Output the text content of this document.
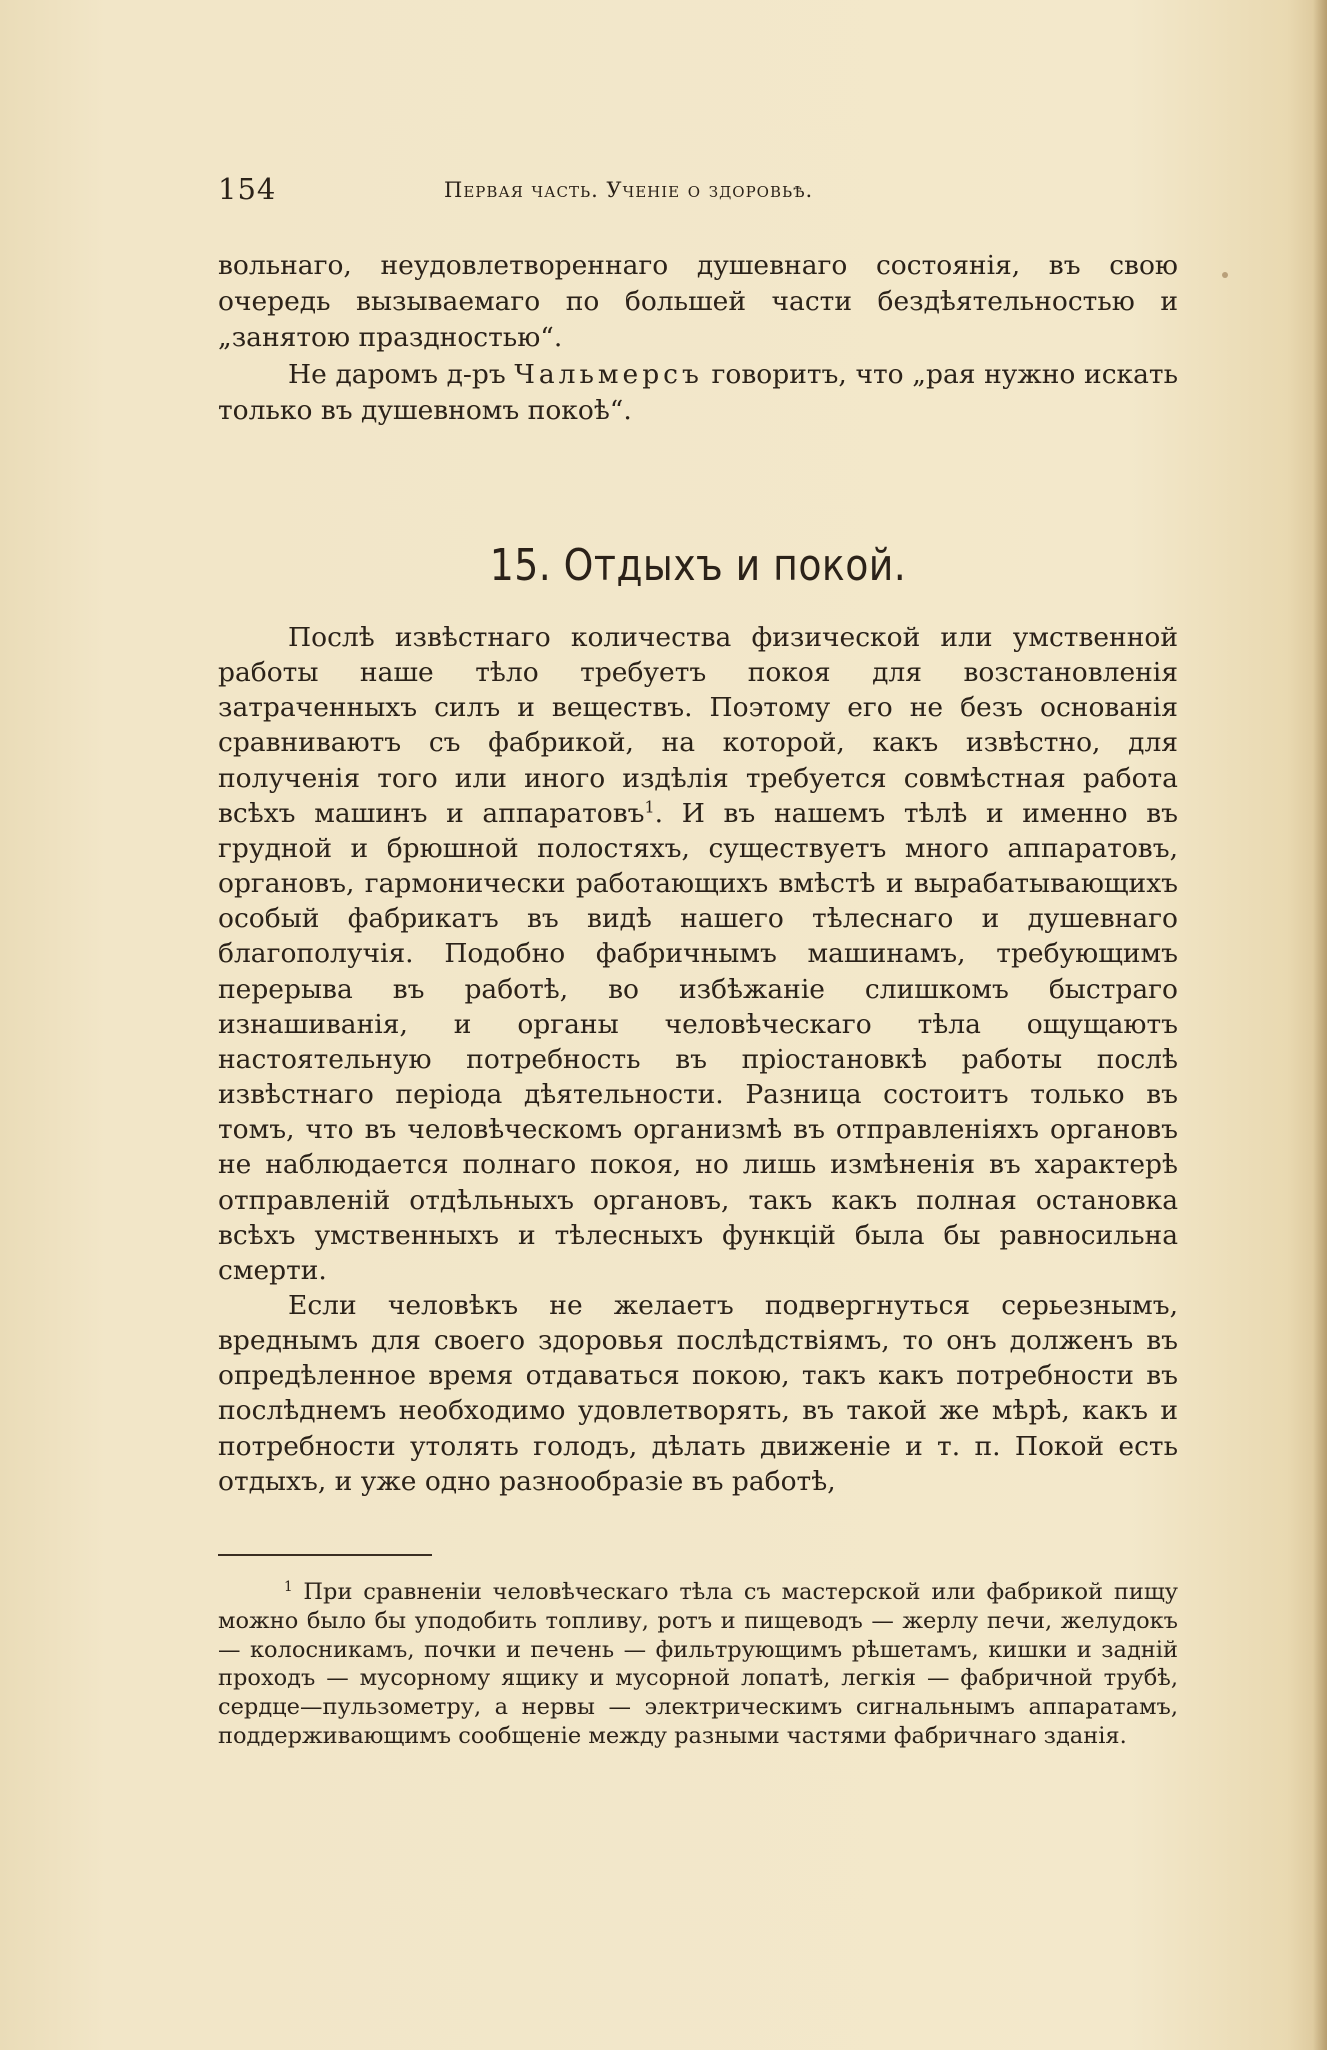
154	Первая часть. Ученіе о здоровьѣ.

вольнаго, неудовлетвореннаго душевнаго состоянія, въ свою очередь вызываемаго по большей части бездѣятельностью и „занятою праздностью“.

Не даромъ д-ръ Чальмерсъ говоритъ, что „рая нужно искать только въ душевномъ покоѣ“.

15. Отдыхъ и покой.

Послѣ извѣстнаго количества физической или умственной работы наше тѣло требуетъ покоя для возстановленія затраченныхъ силъ и веществъ. Поэтому его не безъ основанія сравниваютъ съ фабрикой, на которой, какъ извѣстно, для полученія того или иного издѣлія требуется совмѣстная работа всѣхъ машинъ и аппаратовъ$^1$. И въ нашемъ тѣлѣ и именно въ грудной и брюшной полостяхъ, существуетъ много аппаратовъ, органовъ, гармонически работающихъ вмѣстѣ и вырабатывающихъ особый фабрикатъ въ видѣ нашего тѣлеснаго и душевнаго благополучія. Подобно фабричнымъ машинамъ, требующимъ перерыва въ работѣ, во избѣжаніе слишкомъ быстраго изнашиванія, и органы человѣческаго тѣла ощущаютъ настоятельную потребность въ пріостановкѣ работы послѣ извѣстнаго періода дѣятельности. Разница состоитъ только въ томъ, что въ человѣческомъ организмѣ въ отправленіяхъ органовъ не наблюдается полнаго покоя, но лишь измѣненія въ характерѣ отправленій отдѣльныхъ органовъ, такъ какъ полная остановка всѣхъ умственныхъ и тѣлесныхъ функцій была бы равносильна смерти.

Если человѣкъ не желаетъ подвергнуться серьезнымъ, вреднымъ для своего здоровья послѣдствіямъ, то онъ долженъ въ опредѣленное время отдаваться покою, такъ какъ потребности въ послѣднемъ необходимо удовлетворять, въ такой же мѣрѣ, какъ и потребности утолять голодъ, дѣлать движеніе и т. п. Покой есть отдыхъ, и уже одно разнообразіе въ работѣ,

$^1$ При сравненіи человѣческаго тѣла съ мастерской или фабрикой пищу можно было бы уподобить топливу, ротъ и пищеводъ — жерлу печи, желудокъ — колосникамъ, почки и печень — фильтрующимъ рѣшетамъ, кишки и заднiй проходъ — мусорному ящику и мусорной лопатѣ, легкія — фабричной трубѣ, сердце—пульзометру, а нервы — электрическимъ сигнальнымъ аппаратамъ, поддерживающимъ сообщеніе между разными частями фабричнаго зданія.
